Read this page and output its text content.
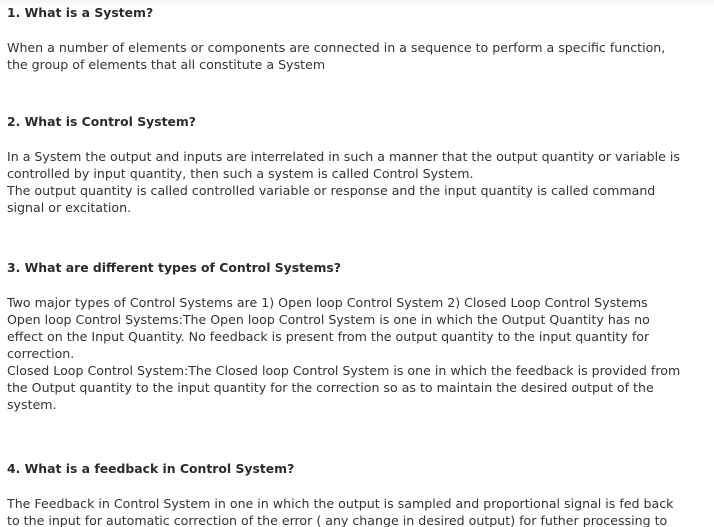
1. What is a System?

When a number of elements or components are connected in a sequence to perform a specific function,
the group of elements that all constitute a System

2. What is Control System?

In a System the output and inputs are interrelated in such a manner that the output quantity or variable is
controlled by input quantity, then such a system is called Control System.
The output quantity is called controlled variable or response and the input quantity is called command
signal or excitation.

3. What are different types of Control Systems?

Two major types of Control Systems are 1) Open loop Control System 2) Closed Loop Control Systems
Open loop Control Systems:The Open loop Control System is one in which the Output Quantity has no
effect on the Input Quantity. No feedback is present from the output quantity to the input quantity for
correction.
Closed Loop Control System:The Closed loop Control System is one in which the feedback is provided from
the Output quantity to the input quantity for the correction so as to maintain the desired output of the
system.

4. What is a feedback in Control System?

The Feedback in Control System in one in which the output is sampled and proportional signal is fed back
to the input for automatic correction of the error ( any change in desired output) for futher processing to
